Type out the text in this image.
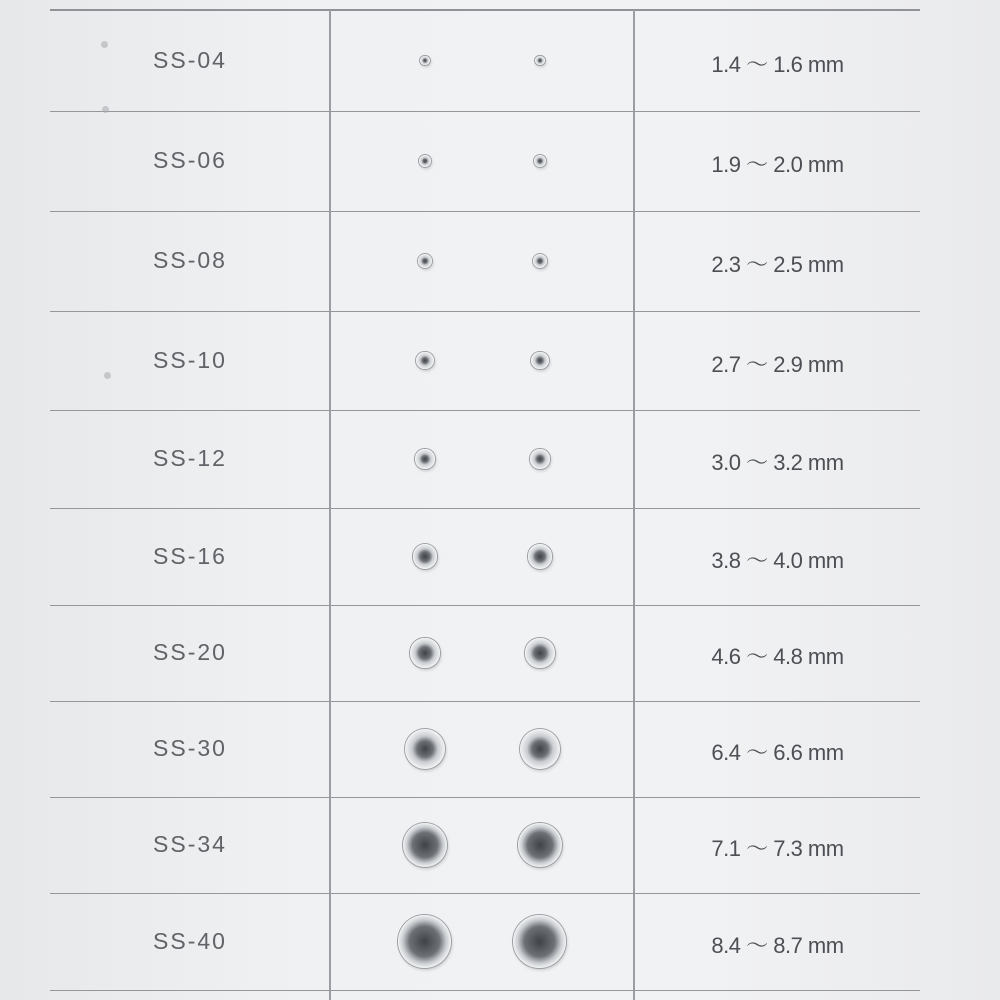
SS-04	1.4 ～ 1.6 mm
SS-06	1.9 ～ 2.0 mm
SS-08	2.3 ～ 2.5 mm
SS-10	2.7 ～ 2.9 mm
SS-12	3.0 ～ 3.2 mm
SS-16	3.8 ～ 4.0 mm
SS-20	4.6 ～ 4.8 mm
SS-30	6.4 ～ 6.6 mm
SS-34	7.1 ～ 7.3 mm
SS-40	8.4 ～ 8.7 mm
